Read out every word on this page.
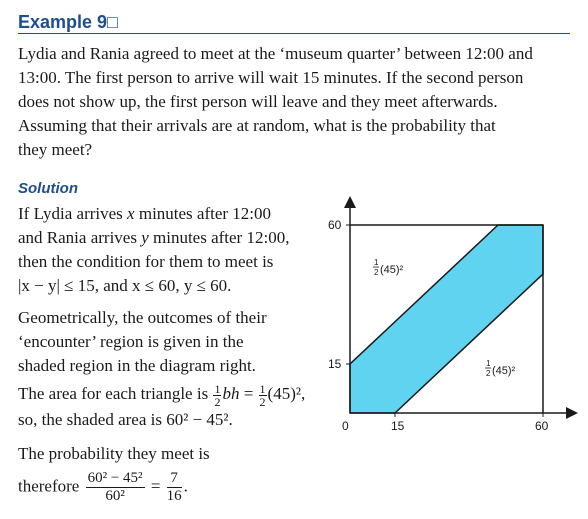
Example 9□
Lydia and Rania agreed to meet at the ‘museum quarter’ between 12:00 and
13:00. The first person to arrive will wait 15 minutes. If the second person
does not show up, the first person will leave and they meet afterwards.
Assuming that their arrivals are at random, what is the probability that
they meet?
Solution
If Lydia arrives x minutes after 12:00
and Rania arrives y minutes after 12:00,
then the condition for them to meet is
|x − y| ≤ 15, and x ≤ 60, y ≤ 60.
Geometrically, the outcomes of their
‘encounter’ region is given in the
shaded region in the diagram right.
The area for each triangle is $\frac{1}{2}$ bh = $\frac{1}{2} (45)^2$,
so, the shaded area is 60² − 45².
The probability they meet is
therefore $\frac{\text{60² − 45²}}{\text{60²}} = \frac{7}{16}$ .
60
15
0	15	60
1
2 (45)²
1
2 (45)²
